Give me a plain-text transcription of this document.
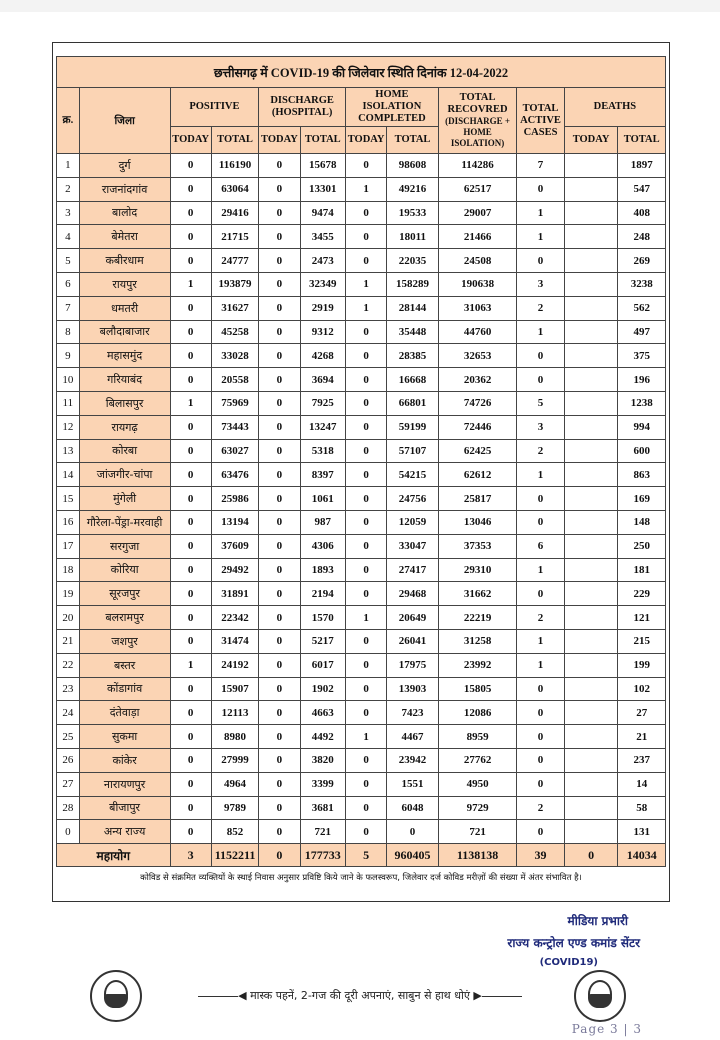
छत्तीसगढ़ में COVID-19 की जिलेवार स्थिति दिनांक 12-04-2022											
क्र.	जिला	POSITIVE		DISCHARGE (HOSPITAL)		HOME ISOLATION COMPLETED		TOTAL RECOVRED
(DISCHARGE + HOME ISOLATION)	TOTAL ACTIVE CASES	DEATHS	
		TODAY	TOTAL	TODAY	TOTAL	TODAY	TOTAL			TODAY	TOTAL
1	दुर्ग	0	116190	0	15678	0	98608	114286	7		1897
2	राजनांदगांव	0	63064	0	13301	1	49216	62517	0		547
3	बालोद	0	29416	0	9474	0	19533	29007	1		408
4	बेमेतरा	0	21715	0	3455	0	18011	21466	1		248
5	कबीरधाम	0	24777	0	2473	0	22035	24508	0		269
6	रायपुर	1	193879	0	32349	1	158289	190638	3		3238
7	धमतरी	0	31627	0	2919	1	28144	31063	2		562
8	बलौदाबाजार	0	45258	0	9312	0	35448	44760	1		497
9	महासमुंद	0	33028	0	4268	0	28385	32653	0		375
10	गरियाबंद	0	20558	0	3694	0	16668	20362	0		196
11	बिलासपुर	1	75969	0	7925	0	66801	74726	5		1238
12	रायगढ़	0	73443	0	13247	0	59199	72446	3		994
13	कोरबा	0	63027	0	5318	0	57107	62425	2		600
14	जांजगीर-चांपा	0	63476	0	8397	0	54215	62612	1		863
15	मुंगेली	0	25986	0	1061	0	24756	25817	0		169
16	गौरेला-पेंड्रा-मरवाही	0	13194	0	987	0	12059	13046	0		148
17	सरगुजा	0	37609	0	4306	0	33047	37353	6		250
18	कोरिया	0	29492	0	1893	0	27417	29310	1		181
19	सूरजपुर	0	31891	0	2194	0	29468	31662	0		229
20	बलरामपुर	0	22342	0	1570	1	20649	22219	2		121
21	जशपुर	0	31474	0	5217	0	26041	31258	1		215
22	बस्तर	1	24192	0	6017	0	17975	23992	1		199
23	कोंडागांव	0	15907	0	1902	0	13903	15805	0		102
24	दंतेवाड़ा	0	12113	0	4663	0	7423	12086	0		27
25	सुकमा	0	8980	0	4492	1	4467	8959	0		21
26	कांकेर	0	27999	0	3820	0	23942	27762	0		237
27	नारायणपुर	0	4964	0	3399	0	1551	4950	0		14
28	बीजापुर	0	9789	0	3681	0	6048	9729	2		58
0	अन्य राज्य	0	852	0	721	0	0	721	0		131
महायोग		3	1152211	0	177733	5	960405	1138138	39	0	14034
कोविड से संक्रमित व्यक्तियों के स्थाई निवास अनुसार प्रविष्टि किये जाने के फलस्वरूप, जिलेवार दर्ज कोविड मरीज़ों की संख्या में अंतर संभावित है।											
मीडिया प्रभारी
राज्य कन्ट्रोल एण्ड कमांड सेंटर
(COVID19)
◀ मास्क पहनें, 2-गज की दूरी अपनाएं, साबुन से हाथ धोएं ▶
Page 3 | 3
